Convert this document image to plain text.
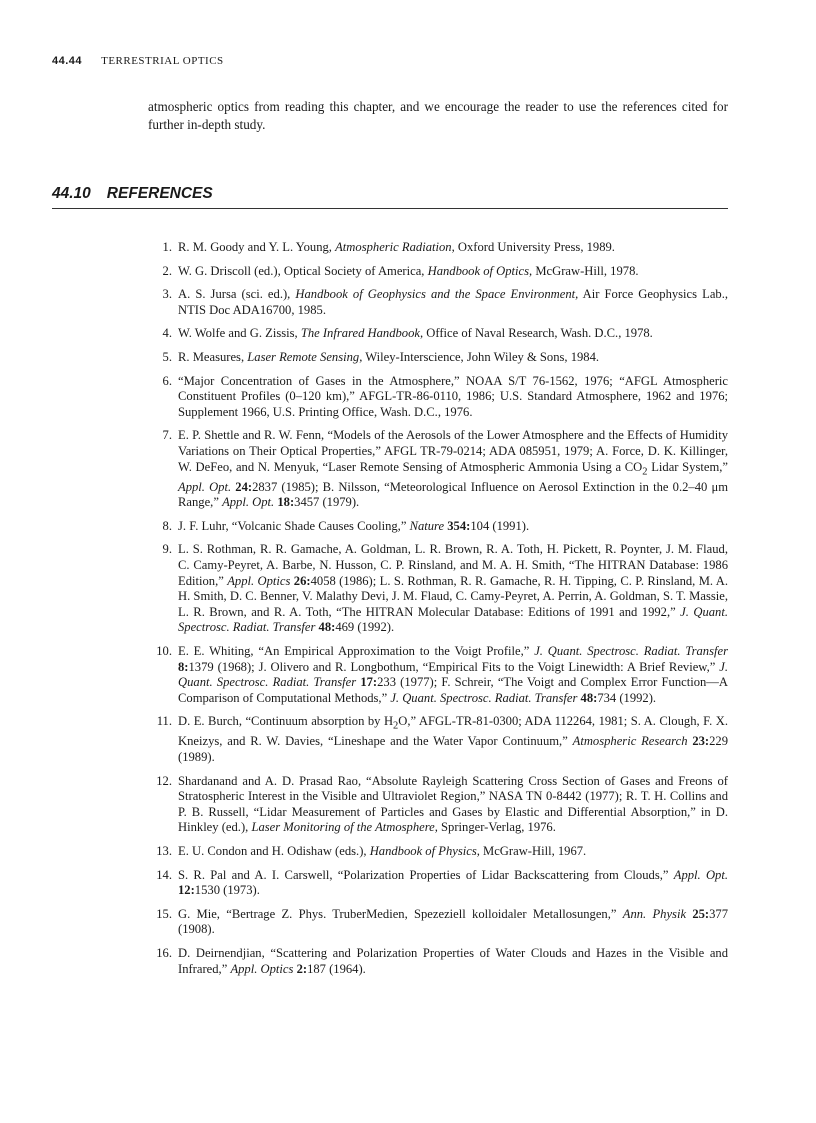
44.44 TERRESTRIAL OPTICS

atmospheric optics from reading this chapter, and we encourage the reader to use the references cited for further in-depth study.

44.10 REFERENCES
1. R. M. Goody and Y. L. Young, Atmospheric Radiation, Oxford University Press, 1989.
2. W. G. Driscoll (ed.), Optical Society of America, Handbook of Optics, McGraw-Hill, 1978.
3. A. S. Jursa (sci. ed.), Handbook of Geophysics and the Space Environment, Air Force Geophysics Lab., NTIS Doc ADA16700, 1985.
4. W. Wolfe and G. Zissis, The Infrared Handbook, Office of Naval Research, Wash. D.C., 1978.
5. R. Measures, Laser Remote Sensing, Wiley-Interscience, John Wiley & Sons, 1984.
6. “Major Concentration of Gases in the Atmosphere,” NOAA S/T 76-1562, 1976; “AFGL Atmospheric Constituent Profiles (0–120 km),” AFGL-TR-86-0110, 1986; U.S. Standard Atmosphere, 1962 and 1976; Supplement 1966, U.S. Printing Office, Wash. D.C., 1976.
7. E. P. Shettle and R. W. Fenn, “Models of the Aerosols of the Lower Atmosphere and the Effects of Humidity Variations on Their Optical Properties,” AFGL TR-79-0214; ADA 085951, 1979; A. Force, D. K. Killinger, W. DeFeo, and N. Menyuk, “Laser Remote Sensing of Atmospheric Ammonia Using a $CO_2$ Lidar System,” Appl. Opt. 24:2837 (1985); B. Nilsson, “Meteorological Influence on Aerosol Extinction in the 0.2–40 μm Range,” Appl. Opt. 18:3457 (1979).
8. J. F. Luhr, “Volcanic Shade Causes Cooling,” Nature 354:104 (1991).
9. L. S. Rothman, R. R. Gamache, A. Goldman, L. R. Brown, R. A. Toth, H. Pickett, R. Poynter, J. M. Flaud, C. Camy-Peyret, A. Barbe, N. Husson, C. P. Rinsland, and M. A. H. Smith, “The HITRAN Database: 1986 Edition,” Appl. Optics 26:4058 (1986); L. S. Rothman, R. R. Gamache, R. H. Tipping, C. P. Rinsland, M. A. H. Smith, D. C. Benner, V. Malathy Devi, J. M. Flaud, C. Camy-Peyret, A. Perrin, A. Goldman, S. T. Massie, L. R. Brown, and R. A. Toth, “The HITRAN Molecular Database: Editions of 1991 and 1992,” J. Quant. Spectrosc. Radiat. Transfer 48:469 (1992).
10. E. E. Whiting, “An Empirical Approximation to the Voigt Profile,” J. Quant. Spectrosc. Radiat. Transfer 8:1379 (1968); J. Olivero and R. Longbothum, “Empirical Fits to the Voigt Linewidth: A Brief Review,” J. Quant. Spectrosc. Radiat. Transfer 17:233 (1977); F. Schreir, “The Voigt and Complex Error Function—A Comparison of Computational Methods,” J. Quant. Spectrosc. Radiat. Transfer 48:734 (1992).
11. D. E. Burch, “Continuum absorption by $H_2O$,” AFGL-TR-81-0300; ADA 112264, 1981; S. A. Clough, F. X. Kneizys, and R. W. Davies, “Lineshape and the Water Vapor Continuum,” Atmospheric Research 23:229 (1989).
12. Shardanand and A. D. Prasad Rao, “Absolute Rayleigh Scattering Cross Section of Gases and Freons of Stratospheric Interest in the Visible and Ultraviolet Region,” NASA TN 0-8442 (1977); R. T. H. Collins and P. B. Russell, “Lidar Measurement of Particles and Gases by Elastic and Differential Absorption,” in D. Hinkley (ed.), Laser Monitoring of the Atmosphere, Springer-Verlag, 1976.
13. E. U. Condon and H. Odishaw (eds.), Handbook of Physics, McGraw-Hill, 1967.
14. S. R. Pal and A. I. Carswell, “Polarization Properties of Lidar Backscattering from Clouds,” Appl. Opt. 12:1530 (1973).
15. G. Mie, “Bertrage Z. Phys. TruberMedien, Spezeziell kolloidaler Metallosungen,” Ann. Physik 25:377 (1908).
16. D. Deirnendjian, “Scattering and Polarization Properties of Water Clouds and Hazes in the Visible and Infrared,” Appl. Optics 2:187 (1964).
